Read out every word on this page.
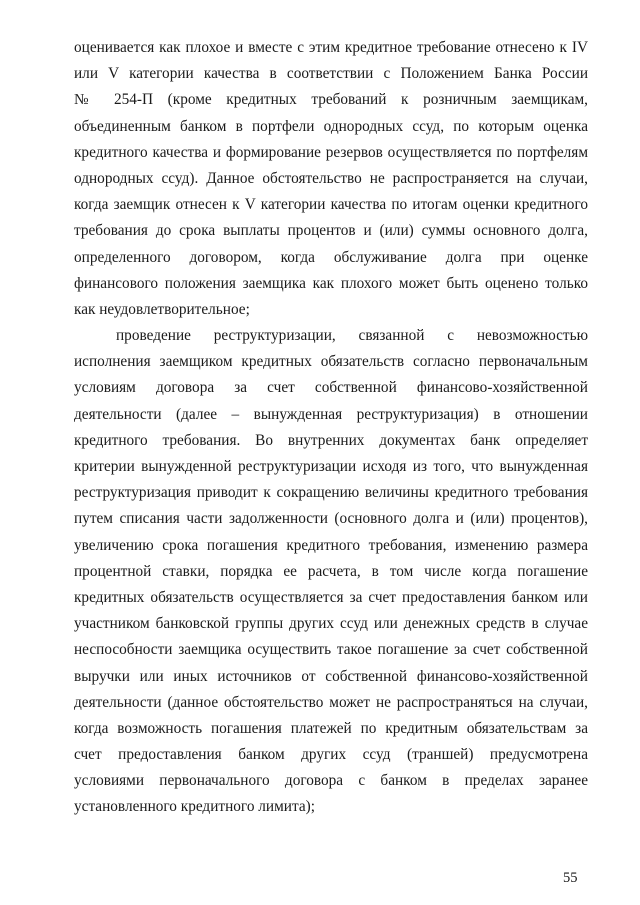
оценивается как плохое и вместе с этим кредитное требование отнесено к IV
или V категории качества в соответствии с Положением Банка России
№ 254-П (кроме кредитных требований к розничным заемщикам,
объединенным банком в портфели однородных ссуд, по которым оценка
кредитного качества и формирование резервов осуществляется по портфелям
однородных ссуд). Данное обстоятельство не распространяется на случаи,
когда заемщик отнесен к V категории качества по итогам оценки кредитного
требования до срока выплаты процентов и (или) суммы основного долга,
определенного договором, когда обслуживание долга при оценке
финансового положения заемщика как плохого может быть оценено только
как неудовлетворительное;
проведение реструктуризации, связанной с невозможностью
исполнения заемщиком кредитных обязательств согласно первоначальным
условиям договора за счет собственной финансово-хозяйственной
деятельности (далее – вынужденная реструктуризация) в отношении
кредитного требования. Во внутренних документах банк определяет
критерии вынужденной реструктуризации исходя из того, что вынужденная
реструктуризация приводит к сокращению величины кредитного требования
путем списания части задолженности (основного долга и (или) процентов),
увеличению срока погашения кредитного требования, изменению размера
процентной ставки, порядка ее расчета, в том числе когда погашение
кредитных обязательств осуществляется за счет предоставления банком или
участником банковской группы других ссуд или денежных средств в случае
неспособности заемщика осуществить такое погашение за счет собственной
выручки или иных источников от собственной финансово-хозяйственной
деятельности (данное обстоятельство может не распространяться на случаи,
когда возможность погашения платежей по кредитным обязательствам за
счет предоставления банком других ссуд (траншей) предусмотрена
условиями первоначального договора с банком в пределах заранее
установленного кредитного лимита);
55
